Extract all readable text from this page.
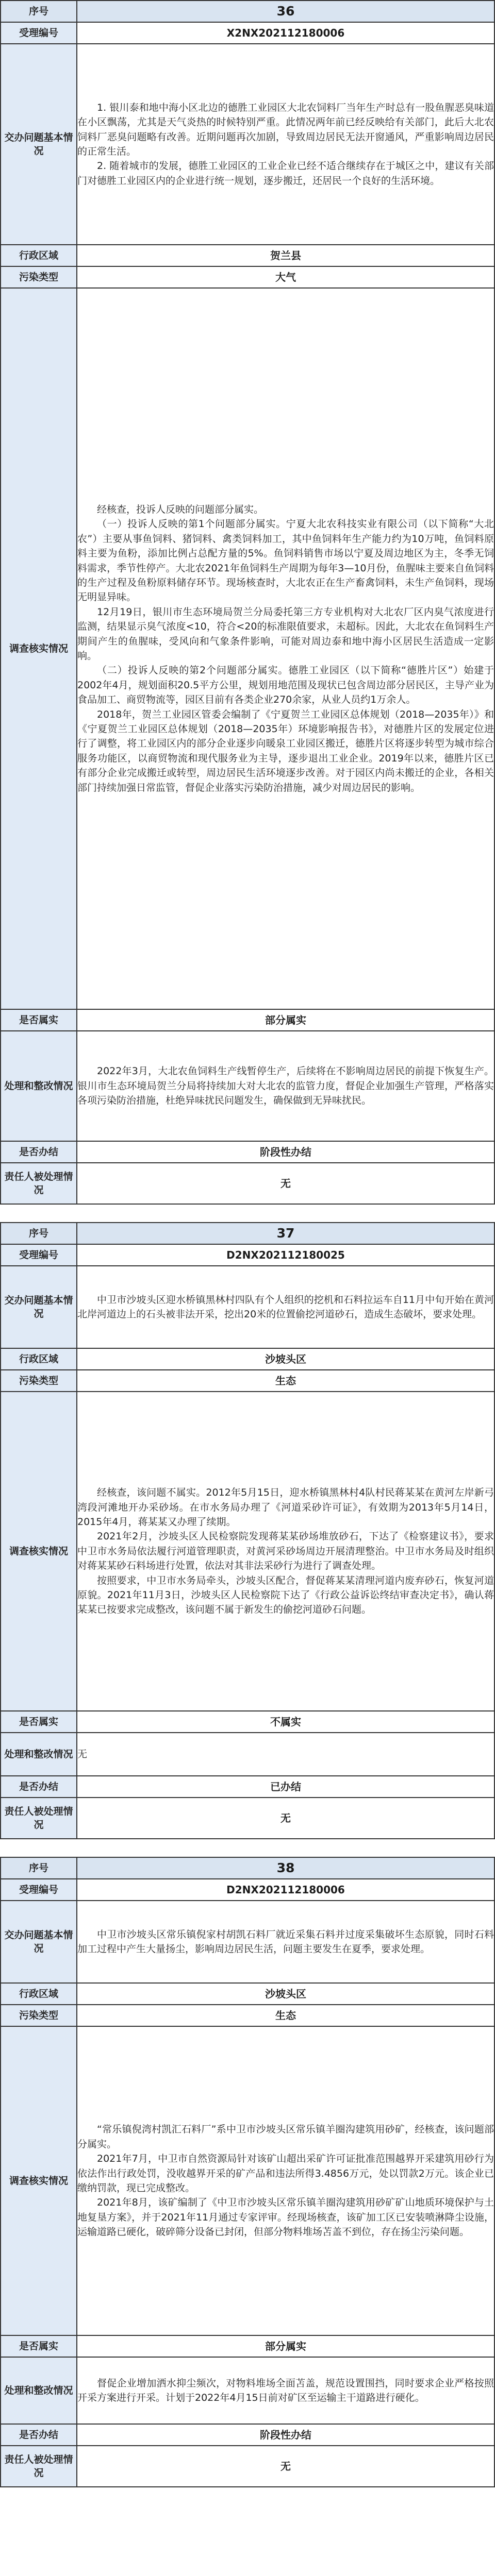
序号	36
受理编号	X2NX202112180006
交办问题基本情况	1. 银川泰和地中海小区北边的德胜工业园区大北农饲料厂当年生产时总有一股鱼腥恶臭味道在小区飘荡，尤其是天气炎热的时候特别严重。此情况两年前已经反映给有关部门，此后大北农饲料厂恶臭问题略有改善。近期问题再次加剧，导致周边居民无法开窗通风，严重影响周边居民的正常生活。

2. 随着城市的发展，德胜工业园区的工业企业已经不适合继续存在于城区之中，建议有关部门对德胜工业园区内的企业进行统一规划，逐步搬迁，还居民一个良好的生活环境。

行政区域	贺兰县
污染类型	大气
调查核实情况	经核查，投诉人反映的问题部分属实。

（一）投诉人反映的第1个问题部分属实。宁夏大北农科技实业有限公司（以下简称“大北农”）主要从事鱼饲料、猪饲料、禽类饲料加工，其中鱼饲料年生产能力约为10万吨，鱼饲料原料主要为鱼粉，添加比例占总配方量的5%。鱼饲料销售市场以宁夏及周边地区为主，冬季无饲料需求，季节性停产。大北农2021年鱼饲料生产周期为每年3—10月份，鱼腥味主要来自鱼饲料的生产过程及鱼粉原料储存环节。现场核查时，大北农正在生产畜禽饲料，未生产鱼饲料，现场无明显异味。

12月19日，银川市生态环境局贺兰分局委托第三方专业机构对大北农厂区内臭气浓度进行监测，结果显示臭气浓度<10，符合<20的标准限值要求，未超标。因此，大北农在鱼饲料生产期间产生的鱼腥味，受风向和气象条件影响，可能对周边泰和地中海小区居民生活造成一定影响。

（二）投诉人反映的第2个问题部分属实。德胜工业园区（以下简称“德胜片区”）始建于2002年4月，规划面积20.5平方公里，规划用地范围及现状已包含周边部分居民区，主导产业为食品加工、商贸物流等，园区目前有各类企业270余家，从业人员约1万余人。

2018年，贺兰工业园区管委会编制了《宁夏贺兰工业园区总体规划（2018—2035年）》和《宁夏贺兰工业园区总体规划（2018—2035年）环境影响报告书》，对德胜片区的发展定位进行了调整，将工业园区内的部分企业逐步向暖泉工业园区搬迁，德胜片区将逐步转型为城市综合服务功能区，以商贸物流和现代服务业为主导，逐步退出工业企业。2019年以来，德胜片区已有部分企业完成搬迁或转型，周边居民生活环境逐步改善。对于园区内尚未搬迁的企业，各相关部门持续加强日常监管，督促企业落实污染防治措施，减少对周边居民的影响。

是否属实	部分属实
处理和整改情况	2022年3月，大北农鱼饲料生产线暂停生产，后续将在不影响周边居民的前提下恢复生产。银川市生态环境局贺兰分局将持续加大对大北农的监管力度，督促企业加强生产管理，严格落实各项污染防治措施，杜绝异味扰民问题发生，确保做到无异味扰民。

是否办结	阶段性办结
责任人被处理情况	无
序号	37
受理编号	D2NX202112180025
交办问题基本情况	中卫市沙坡头区迎水桥镇黑林村四队有个人组织的挖机和石料拉运车自11月中旬开始在黄河北岸河道边上的石头被非法开采，挖出20米的位置偷挖河道砂石，造成生态破坏，要求处理。

行政区域	沙坡头区
污染类型	生态
调查核实情况	经核查，该问题不属实。2012年5月15日，迎水桥镇黑林村4队村民蒋某某在黄河左岸新弓湾段河滩地开办采砂场。在市水务局办理了《河道采砂许可证》，有效期为2013年5月14日，2015年4月，蒋某某又办理了续期。

2021年2月，沙坡头区人民检察院发现蒋某某砂场堆放砂石，下达了《检察建议书》，要求中卫市水务局依法履行河道管理职责，对黄河采砂场周边开展清理整治。中卫市水务局及时组织对蒋某某砂石料场进行处置，依法对其非法采砂行为进行了调查处理。

按照要求，中卫市水务局牵头，沙坡头区配合，督促蒋某某清理河道内废弃砂石，恢复河道原貌。2021年11月3日，沙坡头区人民检察院下达了《行政公益诉讼终结审查决定书》，确认蒋某某已按要求完成整改，该问题不属于新发生的偷挖河道砂石问题。

是否属实	不属实
处理和整改情况	无

是否办结	已办结
责任人被处理情况	无
序号	38
受理编号	D2NX202112180006
交办问题基本情况	中卫市沙坡头区常乐镇倪家村胡凯石料厂就近采集石料并过度采集破坏生态原貌，同时石料加工过程中产生大量扬尘，影响周边居民生活，问题主要发生在夏季，要求处理。

行政区域	沙坡头区
污染类型	生态
调查核实情况	“常乐镇倪湾村凯汇石料厂”系中卫市沙坡头区常乐镇羊圈沟建筑用砂矿，经核查，该问题部分属实。

2021年7月，中卫市自然资源局针对该矿山超出采矿许可证批准范围越界开采建筑用砂行为依法作出行政处罚，没收越界开采的矿产品和违法所得3.4856万元，处以罚款2万元。该企业已缴纳罚款，现已完成整改。

2021年8月，该矿编制了《中卫市沙坡头区常乐镇羊圈沟建筑用砂矿矿山地质环境保护与土地复垦方案》，并于2021年11月通过专家评审。经现场核查，该矿加工区已安装喷淋降尘设施，运输道路已硬化，破碎筛分设备已封闭，但部分物料堆场苫盖不到位，存在扬尘污染问题。

是否属实	部分属实
处理和整改情况	督促企业增加洒水抑尘频次，对物料堆场全面苫盖，规范设置围挡，同时要求企业严格按照开采方案进行开采。计划于2022年4月15日前对矿区至运输主干道路进行硬化。

是否办结	阶段性办结
责任人被处理情况	无
